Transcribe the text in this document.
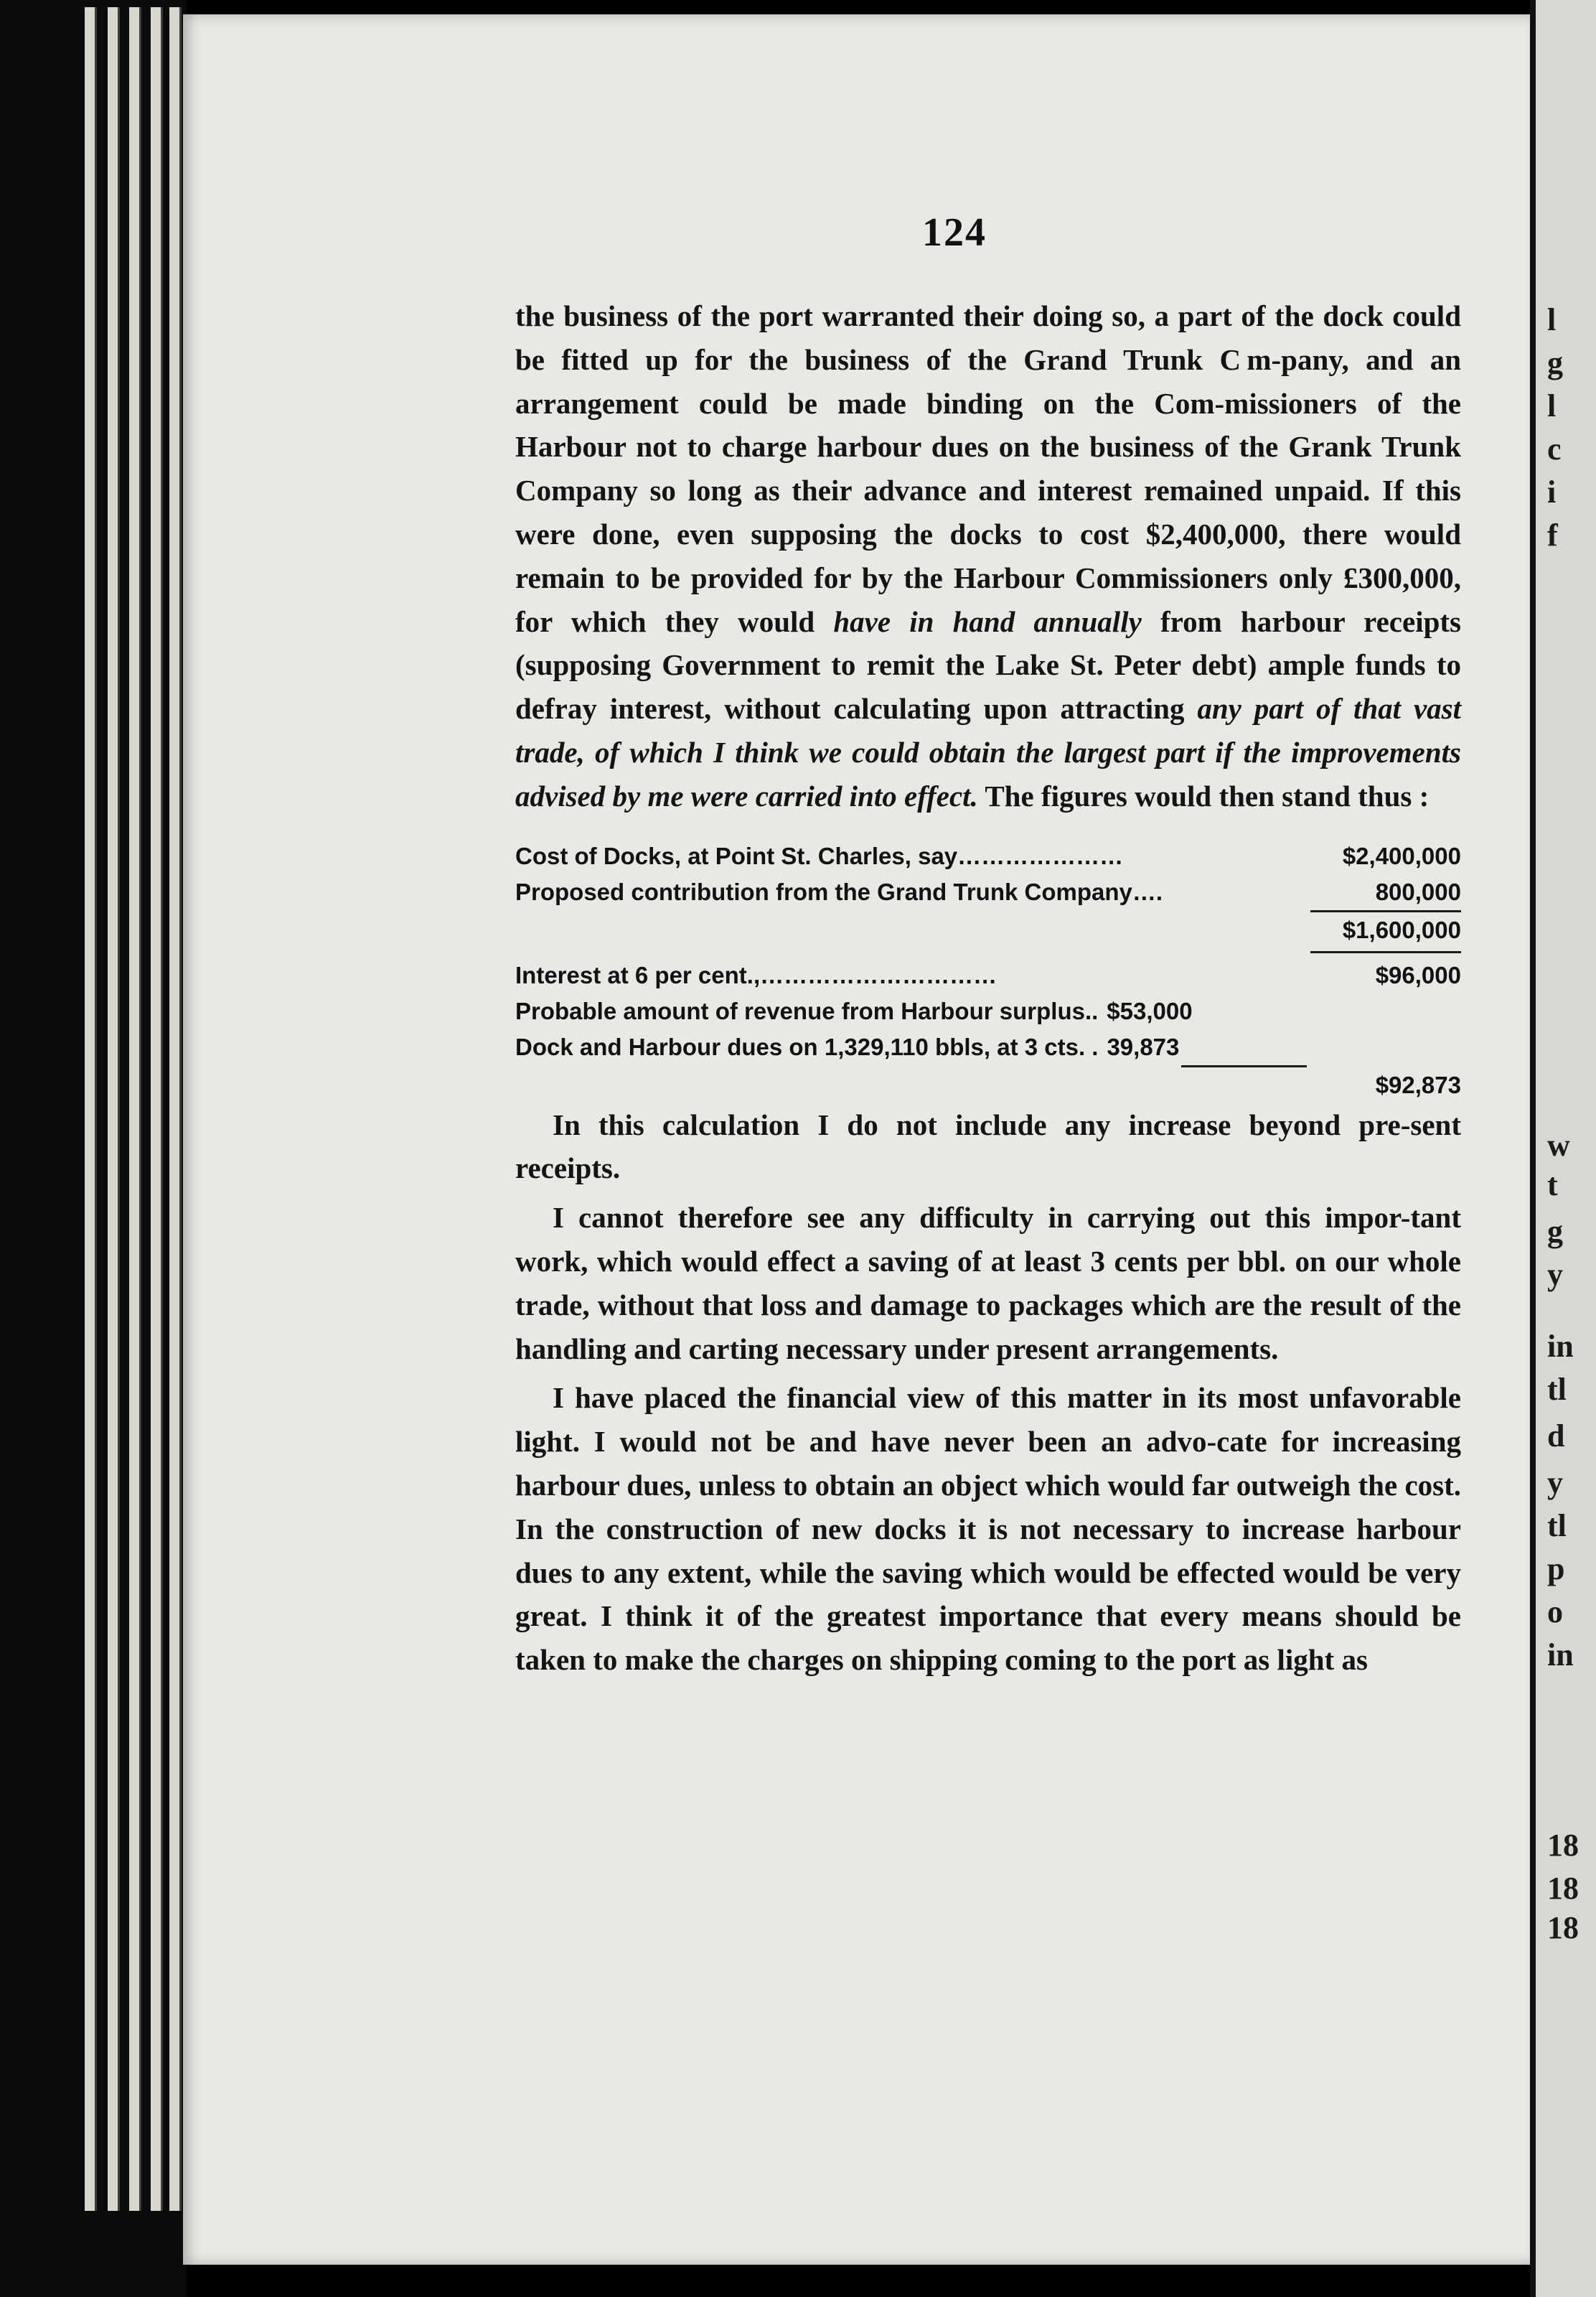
124

the business of the port warranted their doing so, a part of the dock could be fitted up for the business of the Grand Trunk C m-pany, and an arrangement could be made binding on the Com-missioners of the Harbour not to charge harbour dues on the business of the Grank Trunk Company so long as their advance and interest remained unpaid. If this were done, even supposing the docks to cost $2,400,000, there would remain to be provided for by the Harbour Commissioners only £300,000, for which they would have in hand annually from harbour receipts (supposing Government to remit the Lake St. Peter debt) ample funds to defray interest, without calculating upon attracting any part of that vast trade, of which I think we could obtain the largest part if the improvements advised by me were carried into effect. The figures would then stand thus :

Cost of Docks, at Point St. Charles, say…………………	$2,400,000
Proposed contribution from the Grand Trunk Company….	800,000
$1,600,000
Interest at 6 per cent.,…………………………	$96,000
Probable amount of revenue from Harbour surplus.. $53,000
Dock and Harbour dues on 1,329,110 bbls, at 3 cts. . 39,873
$92,873

In this calculation I do not include any increase beyond pre-sent receipts.

I cannot therefore see any difficulty in carrying out this impor-tant work, which would effect a saving of at least 3 cents per bbl. on our whole trade, without that loss and damage to packages which are the result of the handling and carting necessary under present arrangements.

I have placed the financial view of this matter in its most unfavorable light. I would not be and have never been an advo-cate for increasing harbour dues, unless to obtain an object which would far outweigh the cost. In the construction of new docks it is not necessary to increase harbour dues to any extent, while the saving which would be effected would be very great. I think it of the greatest importance that every means should be taken to make the charges on shipping coming to the port as light as

l
g
l
c
i
f
w
t
g
y
in
tl
d
y
tl
p
o
in
18
18
18
